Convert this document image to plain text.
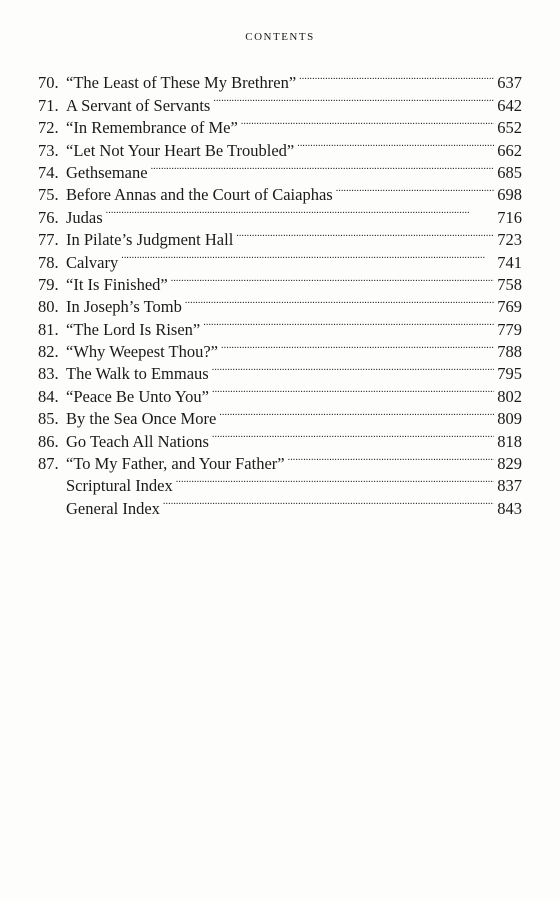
contents
70. “The Least of These My Brethren” . . .	637
71. A Servant of Servants . . .	642
72. “In Remembrance of Me” . . .	652
73. “Let Not Your Heart Be Troubled” . . .	662
74. Gethsemane . . .	685
75. Before Annas and the Court of Caiaphas . . .	698
76. Judas . . .	716
77. In Pilate’s Judgment Hall . . .	723
78. Calvary . . .	741
79. “It Is Finished” . . .	758
80. In Joseph’s Tomb . . .	769
81. “The Lord Is Risen” . . .	779
82. “Why Weepest Thou?” . . .	788
83. The Walk to Emmaus . . .	795
84. “Peace Be Unto You” . . .	802
85. By the Sea Once More . . .	809
86. Go Teach All Nations . . .	818
87. “To My Father, and Your Father” . . .	829
Scriptural Index . . .	837
General Index . . .	843
